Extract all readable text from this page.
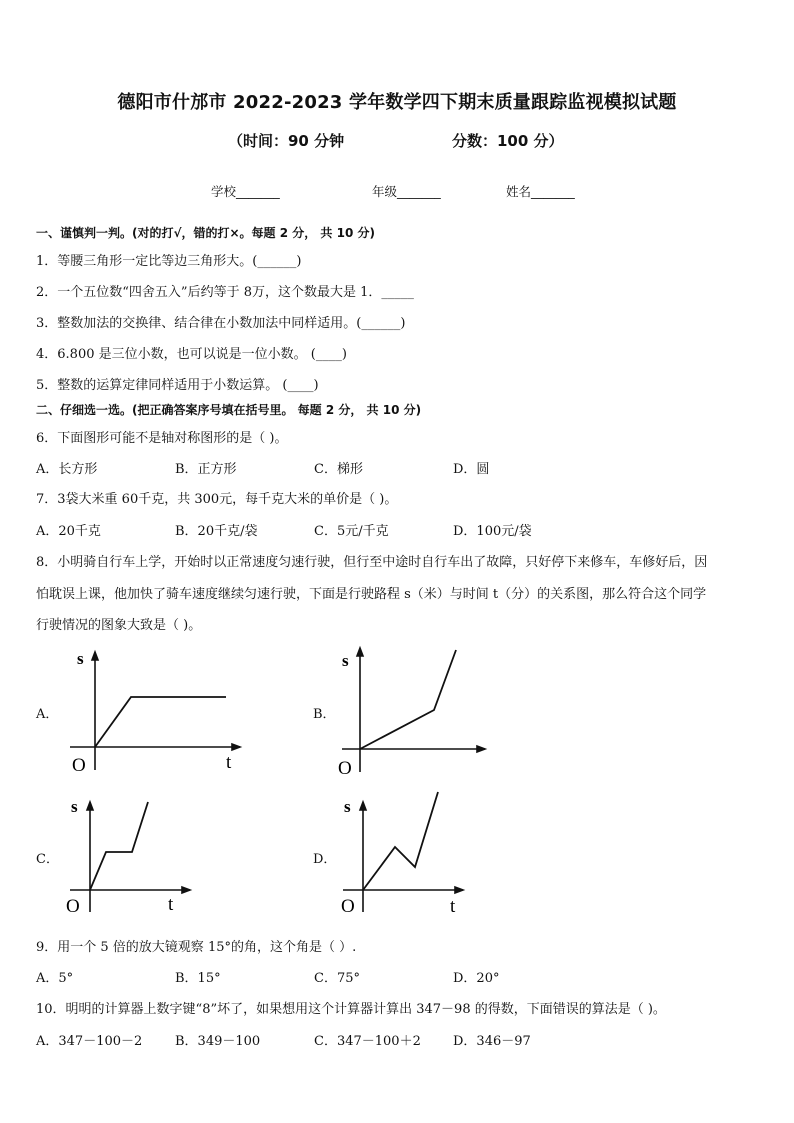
德阳市什邡市 2022-2023 学年数学四下期末质量跟踪监视模拟试题
（时间：90 分钟	分数：100 分）
学校_______	年级_______	姓名_______
一、谨慎判一判。(对的打√，错的打×。每题 2 分， 共 10 分)
1．等腰三角形一定比等边三角形大。(______)
2．一个五位数“四舍五入”后约等于 8万，这个数最大是 1．_____
3．整数加法的交换律、结合律在小数加法中同样适用。(______)
4．6.800 是三位小数，也可以说是一位小数。 (____)
5．整数的运算定律同样适用于小数运算。 (____)
二、仔细选一选。(把正确答案序号填在括号里。 每题 2 分， 共 10 分)
6．下面图形可能不是轴对称图形的是（ )。
A．长方形	B．正方形	C．梯形	D．圆
7．3袋大米重 60千克，共 300元，每千克大米的单价是（ )。
A．20千克	B．20千克/袋	C．5元/千克	D．100元/袋
8．小明骑自行车上学，开始时以正常速度匀速行驶，但行至中途时自行车出了故障，只好停下来修车，车修好后，因
怕耽误上课，他加快了骑车速度继续匀速行驶，下面是行驶路程 s（米）与时间 t（分）的关系图，那么符合这个同学
行驶情况的图象大致是（ )。
A．	B．
C．	D．
s
t
O
s
O
s
t
O
s
t
O
9．用一个 5 倍的放大镜观察 15°的角，这个角是（ ）.
A．5°	B．15°	C．75°	D．20°
10．明明的计算器上数字键“8”坏了，如果想用这个计算器计算出 347－98 的得数，下面错误的算法是（ )。
A．347－100－2	B．349－100	C．347－100＋2 D．346－97
